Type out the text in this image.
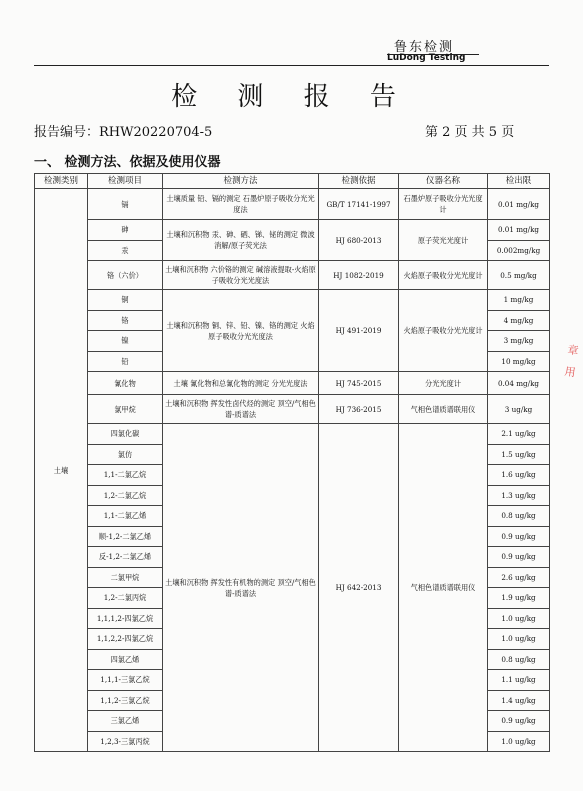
鲁东检测
LuDong Testing
检 测 报 告
报告编号：RHW20220704-5	第 2 页 共 5 页
一、 检测方法、依据及使用仪器
检测类别	检测项目	检测方法	检测依据	仪器名称	检出限
土壤	镉	土壤质量 铅、镉的测定 石墨炉原子吸收分光光度法	GB/T 17141-1997	石墨炉原子吸收分光光度计	0.01 mg/kg
	砷	土壤和沉积物 汞、砷、硒、锑、铋的测定 微波消解/原子荧光法	HJ 680-2013	原子荧光光度计	0.01 mg/kg
	汞				0.002mg/kg
	铬（六价）	土壤和沉积物 六价铬的测定 碱溶液提取-火焰原子吸收分光光度法	HJ 1082-2019	火焰原子吸收分光光度计	0.5 mg/kg
	铜	土壤和沉积物 铜、锌、铅、镍、铬的测定 火焰原子吸收分光光度法	HJ 491-2019	火焰原子吸收分光光度计	1 mg/kg
	铬				4 mg/kg
	镍				3 mg/kg
	铅				10 mg/kg
	氰化物	土壤 氰化物和总氰化物的测定 分光光度法	HJ 745-2015	分光光度计	0.04 mg/kg
	氯甲烷	土壤和沉积物 挥发性卤代烃的测定 顶空/气相色谱-质谱法	HJ 736-2015	气相色谱质谱联用仪	3 ug/kg
	四氯化碳	土壤和沉积物 挥发性有机物的测定 顶空/气相色谱-质谱法	HJ 642-2013	气相色谱质谱联用仪	2.1 ug/kg
	氯仿				1.5 ug/kg
	1,1-二氯乙烷				1.6 ug/kg
	1,2-二氯乙烷				1.3 ug/kg
	1,1-二氯乙烯				0.8 ug/kg
	顺-1,2-二氯乙烯				0.9 ug/kg
	反-1,2-二氯乙烯				0.9 ug/kg
	二氯甲烷				2.6 ug/kg
	1,2-二氯丙烷				1.9 ug/kg
	1,1,1,2-四氯乙烷				1.0 ug/kg
	1,1,2,2-四氯乙烷				1.0 ug/kg
	四氯乙烯				0.8 ug/kg
	1,1,1-三氯乙烷				1.1 ug/kg
	1,1,2-三氯乙烷				1.4 ug/kg
	三氯乙烯				0.9 ug/kg
	1,2,3-三氯丙烷				1.0 ug/kg
章用
